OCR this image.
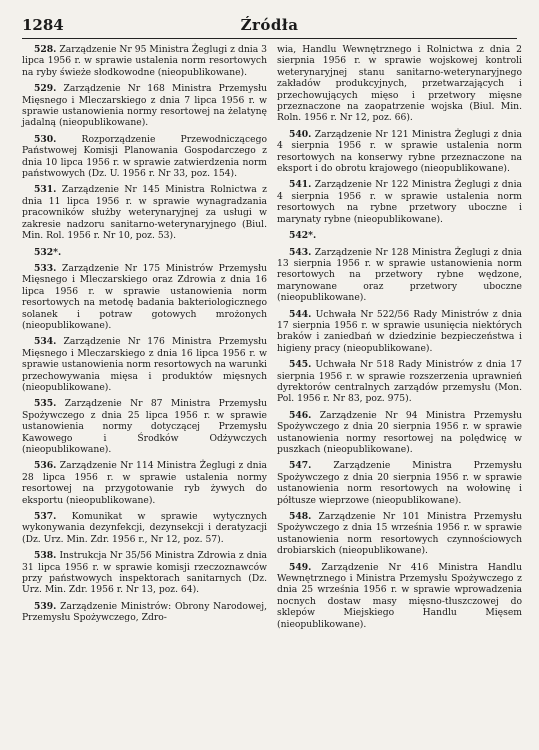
1284	Źródła

528. Zarządzenie Nr 95 Ministra Żeglugi z dnia 3 lipca 1956 r. w sprawie ustalenia norm resortowych na ryby świeże słodkowodne (nieopublikowane).

529. Zarządzenie Nr 168 Ministra Przemysłu Mięsnego i Mleczarskiego z dnia 7 lipca 1956 r. w sprawie ustanowienia normy resortowej na żelatynę jadalną (nieopublikowane).

530.	Rozporządzenie Przewodniczącego Państwowej Komisji Planowania Gospodarczego z dnia 10 lipca 1956 r. w sprawie zatwierdzenia norm państwowych (Dz. U. 1956 r. Nr 33, poz. 154).

531. Zarządzenie Nr 145 Ministra Rolnictwa z dnia 11 lipca 1956 r. w sprawie wynagradzania pracowników służby weterynaryjnej za usługi w zakresie nadzoru sanitarno-weterynaryjnego (Biul. Min. Rol. 1956 r. Nr 10, poz. 53).

532*.

533. Zarządzenie Nr 175 Ministrów Przemysłu Mięsnego i Mleczarskiego oraz Zdrowia z dnia 16 lipca 1956 r. w sprawie ustanowienia norm resortowych na metodę badania bakteriologicznego solanek i potraw gotowych mrożonych (nieopublikowane).

534. Zarządzenie Nr 176 Ministra Przemysłu Mięsnego i Mleczarskiego z dnia 16 lipca 1956 r. w sprawie ustanowienia norm resortowych na warunki przechowywania mięsa i produktów mięsnych (nieopublikowane).

535. Zarządzenie Nr 87 Ministra Przemysłu Spożywczego z dnia 25 lipca 1956 r. w sprawie ustanowienia normy dotyczącej Przemysłu Kawowego i Środków Odżywczych (nieopublikowane).

536. Zarządzenie Nr 114 Ministra Żeglugi z dnia 28 lipca 1956 r. w sprawie ustalenia normy resortowej na przygotowanie ryb żywych do eksportu (nieopublikowane).

537. Komunikat w sprawie wytycznych wykonywania dezynfekcji, dezynsekcji i deratyzacji (Dz. Urz. Min. Zdr. 1956 r., Nr 12, poz. 57).

538. Instrukcja Nr 35/56 Ministra Zdrowia z dnia 31 lipca 1956 r. w sprawie komisji rzeczoznawców przy państwowych inspektorach sanitarnych (Dz. Urz. Min. Zdr. 1956 r. Nr 13, poz. 64).

539. Zarządzenie Ministrów: Obrony Narodowej, Przemysłu Spożywczego, Zdro-

wia, Handlu Wewnętrznego i Rolnictwa z dnia 2 sierpnia 1956 r. w sprawie wojskowej kontroli weterynaryjnej stanu sanitarno-weterynaryjnego zakładów produkcyjnych, przetwarzających i przechowujących mięso i przetwory mięsne przeznaczone na zaopatrzenie wojska (Biul. Min. Roln. 1956 r. Nr 12, poz. 66).

540. Zarządzenie Nr 121 Ministra Żeglugi z dnia 4 sierpnia 1956 r. w sprawie ustalenia norm resortowych na konserwy rybne przeznaczone na eksport i do obrotu krajowego (nieopublikowane).

541. Zarządzenie Nr 122 Ministra Żeglugi z dnia 4 sierpnia 1956 r. w sprawie ustalenia norm resortowych na rybne przetwory uboczne i marynaty rybne (nieopublikowane).

542*.

543. Zarządzenie Nr 128 Ministra Żeglugi z dnia 13 sierpnia 1956 r. w sprawie ustanowienia norm resortowych na przetwory rybne wędzone, marynowane oraz przetwory uboczne (nieopublikowane).

544. Uchwała Nr 522/56 Rady Ministrów z dnia 17 sierpnia 1956 r. w sprawie usunięcia niektórych braków i zaniedbań w dziedzinie bezpieczeństwa i higieny pracy (nieopublikowane).

545. Uchwała Nr 518 Rady Ministrów z dnia 17 sierpnia 1956 r. w sprawie rozszerzenia uprawnień dyrektorów centralnych zarządów przemysłu (Mon. Pol. 1956 r. Nr 83, poz. 975).

546. Zarządzenie Nr 94 Ministra Przemysłu Spożywczego z dnia 20 sierpnia 1956 r. w sprawie ustanowienia normy resortowej na polędwicę w puszkach (nieopublikowane).

547. Zarządzenie Ministra Przemysłu Spożywczego z dnia 20 sierpnia 1956 r. w sprawie ustanowienia norm resortowych na wołowinę i półtusze wieprzowe (nieopublikowane).

548. Zarządzenie Nr 101 Ministra Przemysłu Spożywczego z dnia 15 września 1956 r. w sprawie ustanowienia norm resortowych czynnościowych drobiarskich (nieopublikowane).

549. Zarządzenie Nr 416 Ministra Handlu Wewnętrznego i Ministra Przemysłu Spożywczego z dnia 25 września 1956 r. w sprawie wprowadzenia nocnych dostaw masy mięsno-tłuszczowej do sklepów Miejskiego Handlu Mięsem (nieopublikowane).
